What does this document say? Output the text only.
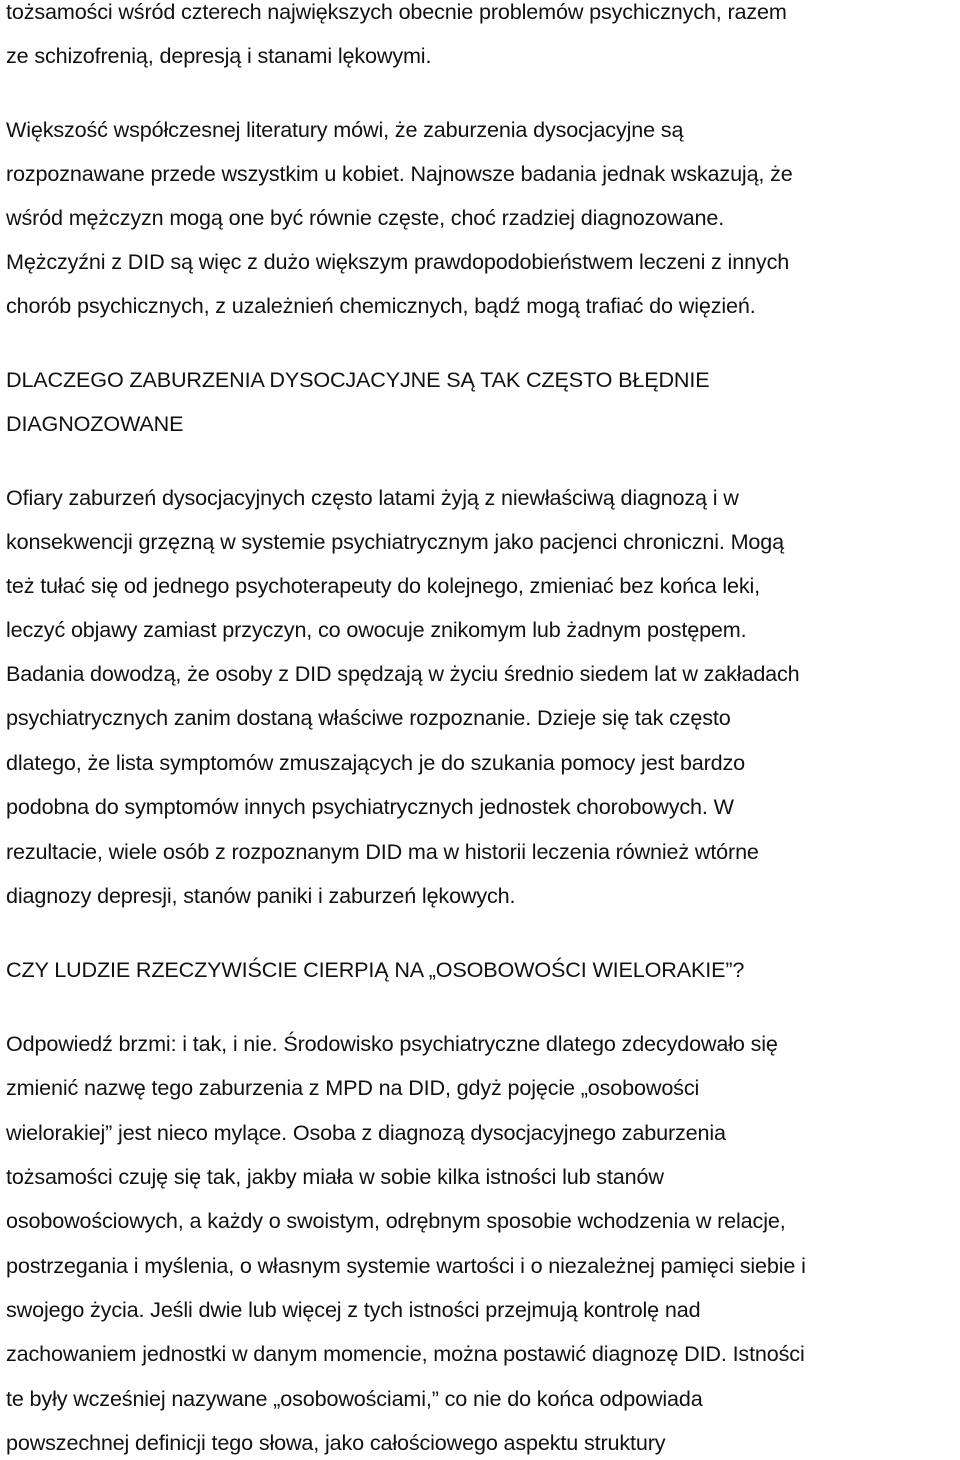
tożsamości wśród czterech największych obecnie problemów psychicznych, razem
ze schizofrenią, depresją i stanami lękowymi.
Większość współczesnej literatury mówi, że zaburzenia dysocjacyjne są
rozpoznawane przede wszystkim u kobiet. Najnowsze badania jednak wskazują, że
wśród mężczyzn mogą one być równie częste, choć rzadziej diagnozowane.
Mężczyźni z DID są więc z dużo większym prawdopodobieństwem leczeni z innych
chorób psychicznych, z uzależnień chemicznych, bądź mogą trafiać do więzień.
DLACZEGO ZABURZENIA DYSOCJACYJNE SĄ TAK CZĘSTO BŁĘDNIE
DIAGNOZOWANE
Ofiary zaburzeń dysocjacyjnych często latami żyją z niewłaściwą diagnozą i w
konsekwencji grzęzną w systemie psychiatrycznym jako pacjenci chroniczni. Mogą
też tułać się od jednego psychoterapeuty do kolejnego, zmieniać bez końca leki,
leczyć objawy zamiast przyczyn, co owocuje znikomym lub żadnym postępem.
Badania dowodzą, że osoby z DID spędzają w życiu średnio siedem lat w zakładach
psychiatrycznych zanim dostaną właściwe rozpoznanie. Dzieje się tak często
dlatego, że lista symptomów zmuszających je do szukania pomocy jest bardzo
podobna do symptomów innych psychiatrycznych jednostek chorobowych. W
rezultacie, wiele osób z rozpoznanym DID ma w historii leczenia również wtórne
diagnozy depresji, stanów paniki i zaburzeń lękowych.
CZY LUDZIE RZECZYWIŚCIE CIERPIĄ NA „OSOBOWOŚCI WIELORAKIE”?
Odpowiedź brzmi: i tak, i nie. Środowisko psychiatryczne dlatego zdecydowało się
zmienić nazwę tego zaburzenia z MPD na DID, gdyż pojęcie „osobowości
wielorakiej” jest nieco mylące. Osoba z diagnozą dysocjacyjnego zaburzenia
tożsamości czuję się tak, jakby miała w sobie kilka istności lub stanów
osobowościowych, a każdy o swoistym, odrębnym sposobie wchodzenia w relacje,
postrzegania i myślenia, o własnym systemie wartości i o niezależnej pamięci siebie i
swojego życia. Jeśli dwie lub więcej z tych istności przejmują kontrolę nad
zachowaniem jednostki w danym momencie, można postawić diagnozę DID. Istności
te były wcześniej nazywane „osobowościami,” co nie do końca odpowiada
powszechnej definicji tego słowa, jako całościowego aspektu struktury
